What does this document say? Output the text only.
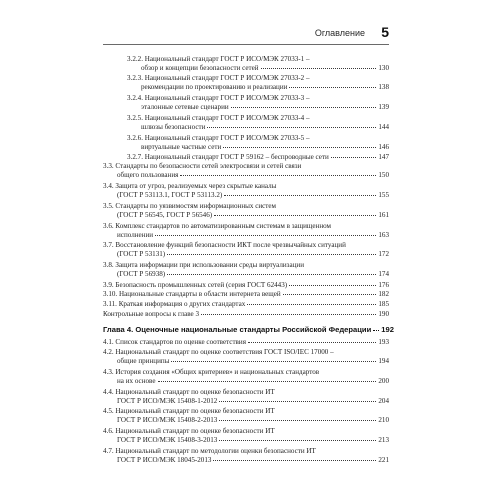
Оглавление 5
3.2.2. Национальный стандарт ГОСТ Р ИСО/МЭК 27033-1 –
обзор и концепции безопасности сетей	130
3.2.3. Национальный стандарт ГОСТ Р ИСО/МЭК 27033-2 –
рекомендации по проектированию и реализации	138
3.2.4. Национальный стандарт ГОСТ Р ИСО/МЭК 27033-3 –
эталонные сетевые сценарии	139
3.2.5. Национальный стандарт ГОСТ Р ИСО/МЭК 27033-4 –
шлюзы безопасности	144
3.2.6. Национальный стандарт ГОСТ Р ИСО/МЭК 27033-5 –
виртуальные частные сети	146
3.2.7. Национальный стандарт ГОСТ Р 59162 – беспроводные сети	147
3.3. Стандарты по безопасности сетей электросвязи и сетей связи
общего пользования	150
3.4. Защита от угроз, реализуемых через скрытые каналы
(ГОСТ Р 53113.1, ГОСТ Р 53113.2)	155
3.5. Стандарты по уязвимостям информационных систем
(ГОСТ Р 56545, ГОСТ Р 56546)	161
3.6. Комплекс стандартов по автоматизированным системам в защищенном
исполнении	163
3.7. Восстановление функций безопасности ИКТ после чрезвычайных ситуаций
(ГОСТ Р 53131)	172
3.8. Защита информации при использовании среды виртуализации
(ГОСТ Р 56938)	174
3.9. Безопасность промышленных сетей (серия ГОСТ 62443)	176
3.10. Национальные стандарты в области интернета вещей	182
3.11. Краткая информация о других стандартах	185
Контрольные вопросы к главе 3	190
Глава 4. Оценочные национальные стандарты Российской Федерации 192
4.1. Список стандартов по оценке соответствия	193
4.2. Национальный стандарт по оценке соответствия ГОСТ ISO/IEC 17000 –
общие принципы	194
4.3. История создания «Общих критериев» и национальных стандартов
на их основе	200
4.4. Национальный стандарт по оценке безопасности ИТ
ГОСТ Р ИСО/МЭК 15408-1-2012	204
4.5. Национальный стандарт по оценке безопасности ИТ
ГОСТ Р ИСО/МЭК 15408-2-2013	210
4.6. Национальный стандарт по оценке безопасности ИТ
ГОСТ Р ИСО/МЭК 15408-3-2013	213
4.7. Национальный стандарт по методологии оценки безопасности ИТ
ГОСТ Р ИСО/МЭК 18045-2013	221
